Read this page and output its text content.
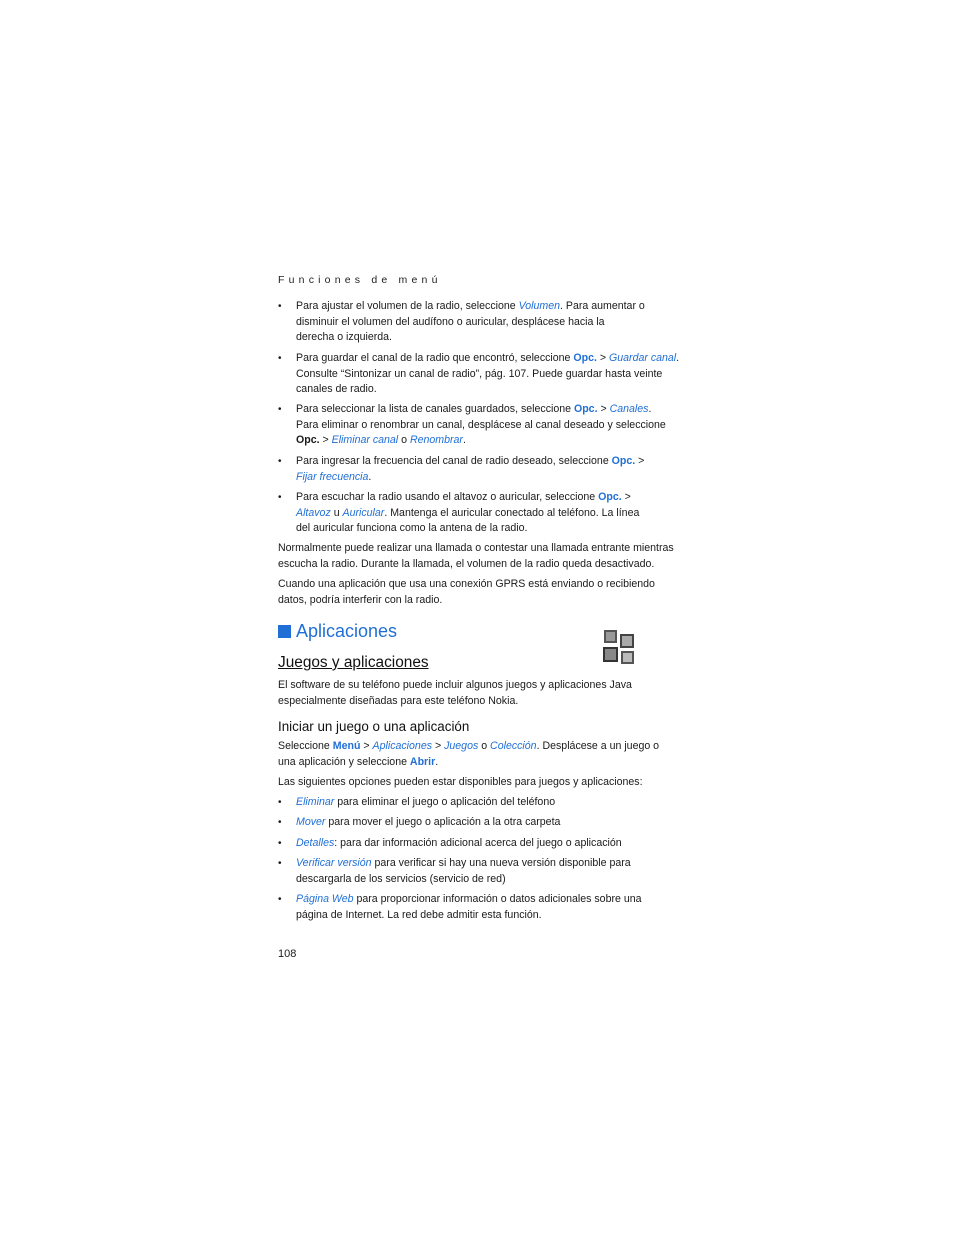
Funciones de menú
• Para ajustar el volumen de la radio, seleccione Volumen. Para aumentar o
disminuir el volumen del audífono o auricular, desplácese hacia la
derecha o izquierda.
• Para guardar el canal de la radio que encontró, seleccione Opc. > Guardar canal.
Consulte “Sintonizar un canal de radio”, pág. 107. Puede guardar hasta veinte
canales de radio.
• Para seleccionar la lista de canales guardados, seleccione Opc. > Canales.
Para eliminar o renombrar un canal, desplácese al canal deseado y seleccione
Opc. > Eliminar canal o Renombrar.
• Para ingresar la frecuencia del canal de radio deseado, seleccione Opc. >
Fijar frecuencia.
• Para escuchar la radio usando el altavoz o auricular, seleccione Opc. >
Altavoz u Auricular. Mantenga el auricular conectado al teléfono. La línea
del auricular funciona como la antena de la radio.
Normalmente puede realizar una llamada o contestar una llamada entrante mientras
escucha la radio. Durante la llamada, el volumen de la radio queda desactivado.
Cuando una aplicación que usa una conexión GPRS está enviando o recibiendo
datos, podría interferir con la radio.
Aplicaciones
Juegos y aplicaciones
El software de su teléfono puede incluir algunos juegos y aplicaciones Java
especialmente diseñadas para este teléfono Nokia.
Iniciar un juego o una aplicación
Seleccione Menú > Aplicaciones > Juegos o Colección. Desplácese a un juego o
una aplicación y seleccione Abrir.
Las siguientes opciones pueden estar disponibles para juegos y aplicaciones:
• Eliminar para eliminar el juego o aplicación del teléfono
• Mover para mover el juego o aplicación a la otra carpeta
• Detalles: para dar información adicional acerca del juego o aplicación
• Verificar versión para verificar si hay una nueva versión disponible para
descargarla de los servicios (servicio de red)
• Página Web para proporcionar información o datos adicionales sobre una
página de Internet. La red debe admitir esta función.
108
